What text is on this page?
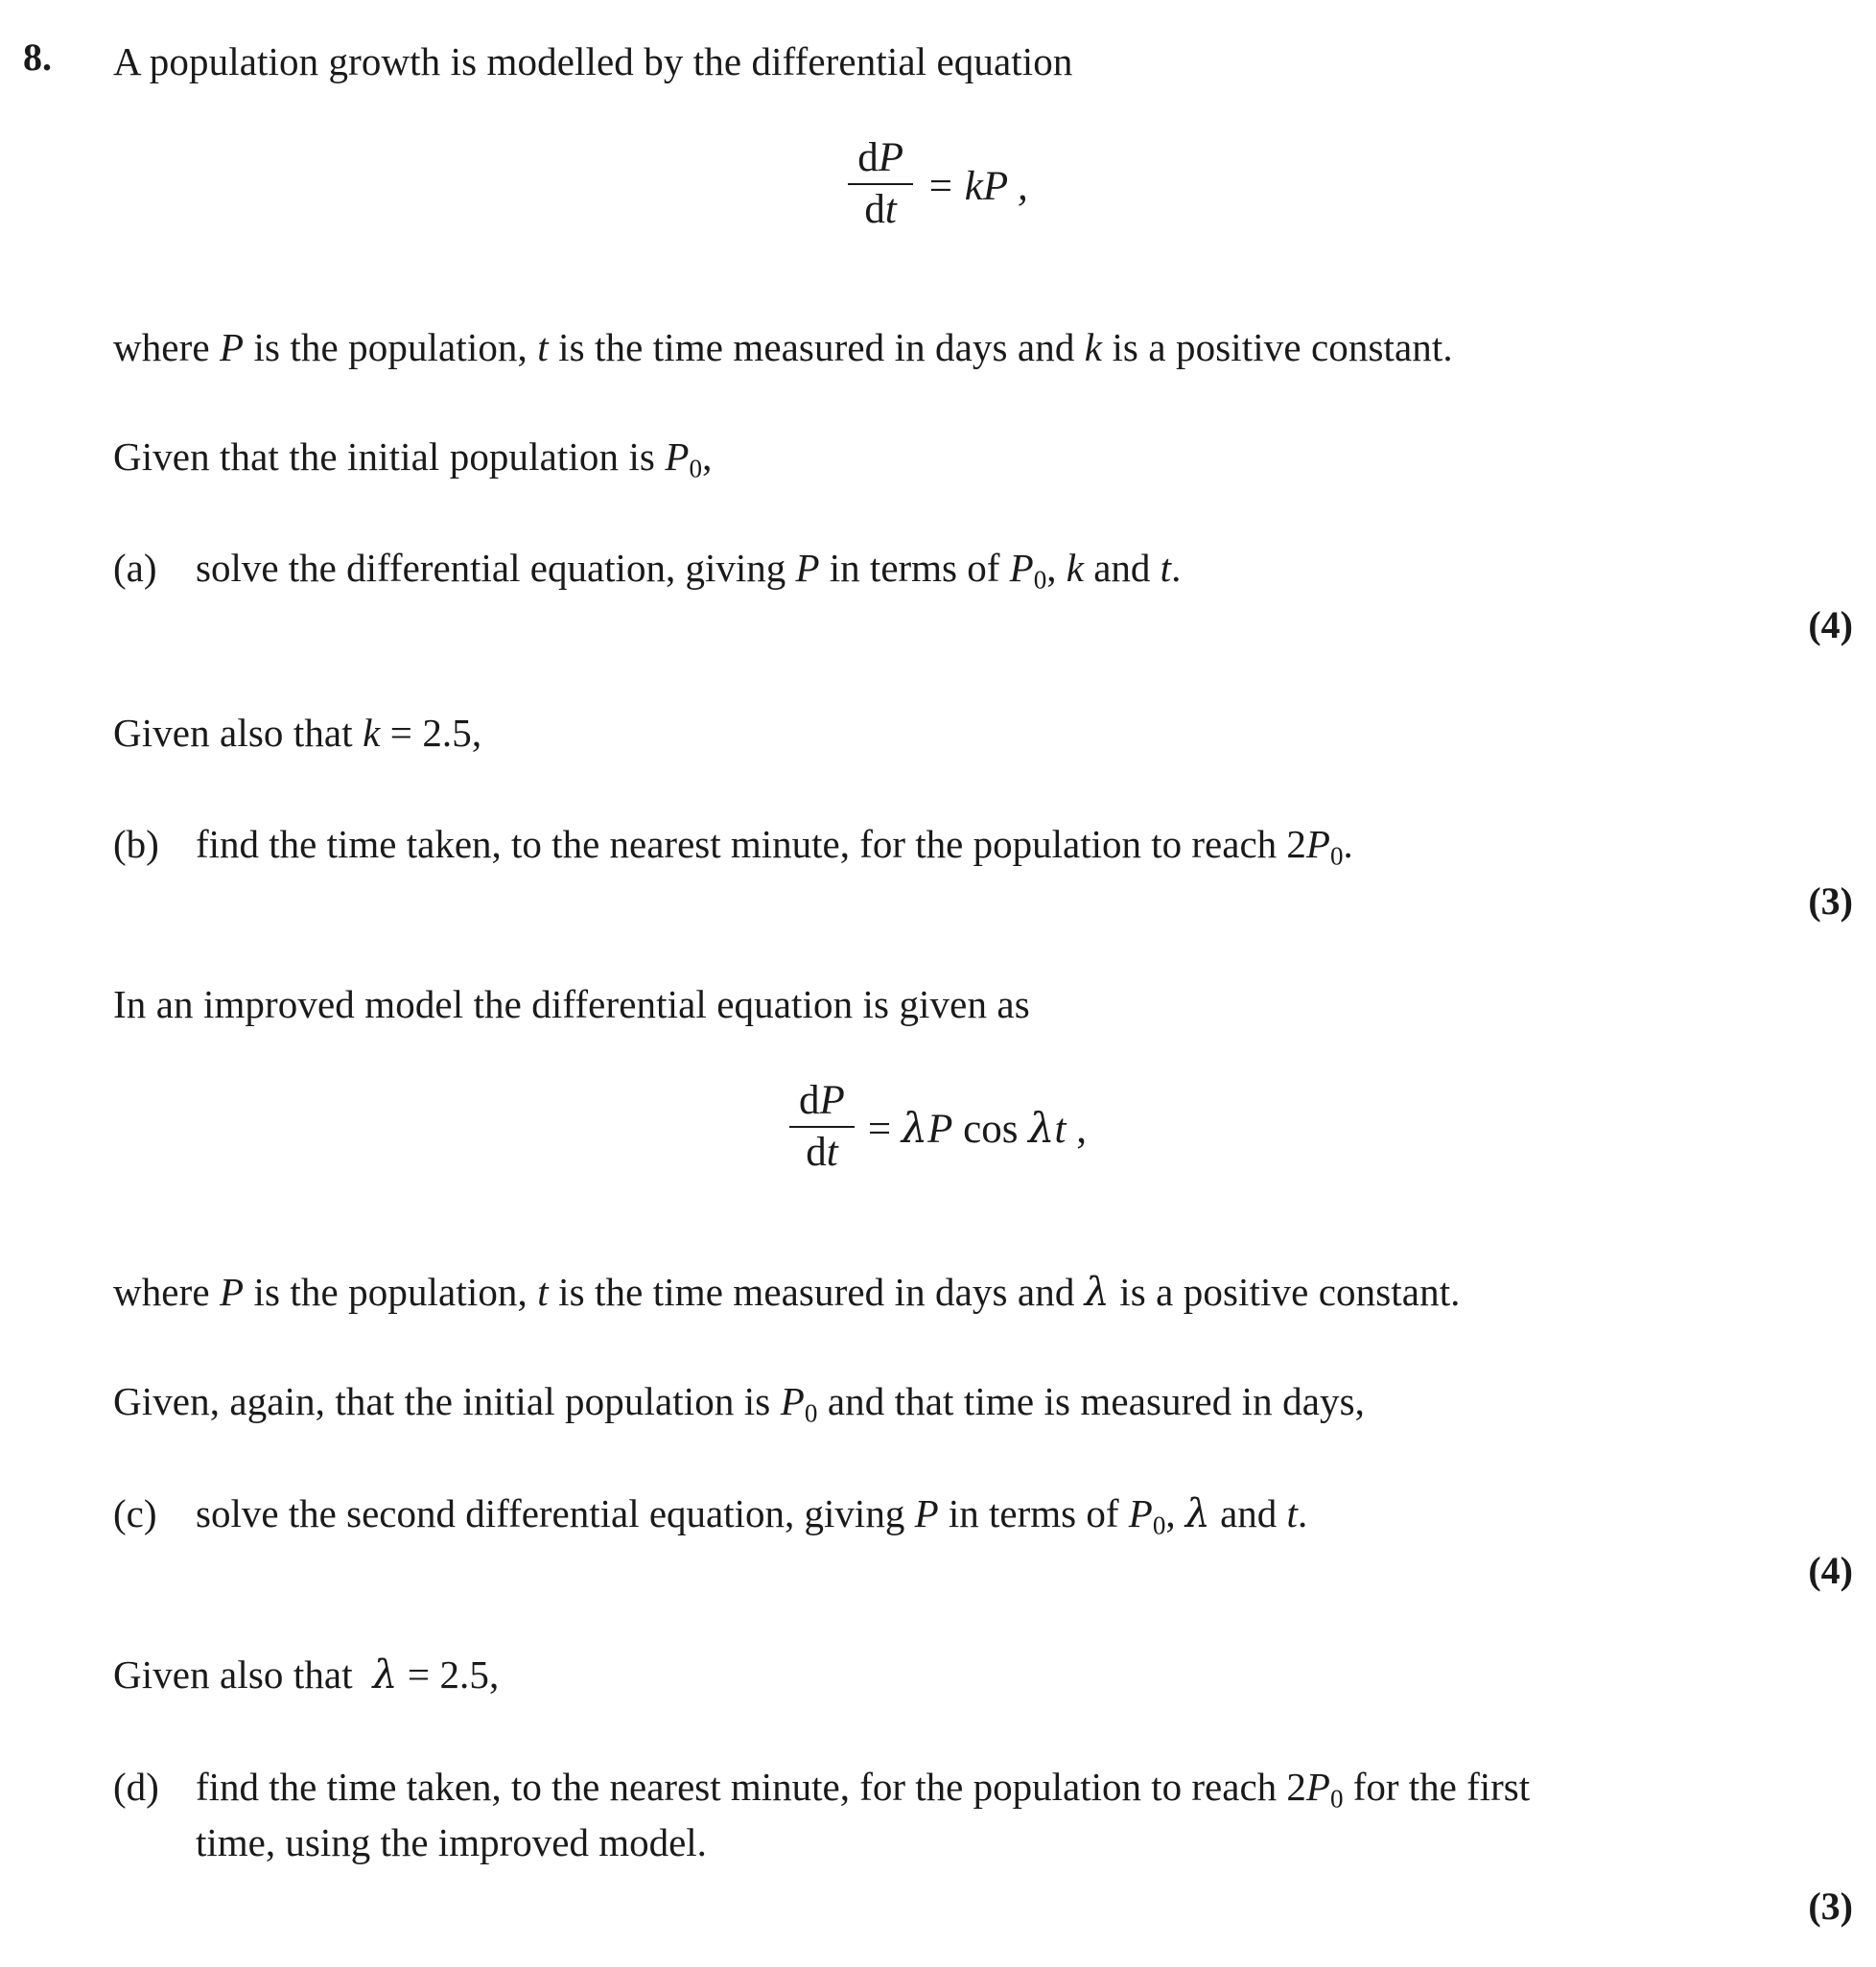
8. A population growth is modelled by the differential equation
$\frac{dP}{dt}$ = kP ,
where P is the population, t is the time measured in days and k is a positive constant.
Given that the initial population is $P_0$,
(a) solve the differential equation, giving P in terms of $P_0$, k and t.
(4)
Given also that k = 2.5,
(b) find the time taken, to the nearest minute, for the population to reach $2P_0$.
(3)
In an improved model the differential equation is given as
$\frac{dP}{dt} = \lambda P$ cos λt ,
where P is the population, t is the time measured in days and λ is a positive constant.
Given, again, that the initial population is $P_0$ and that time is measured in days,
(c) solve the second differential equation, giving P in terms of $P_0$, λ and t.
(4)
Given also that  λ = 2.5,
(d) find the time taken, to the nearest minute, for the population to reach $2P_0$ for the first
time, using the improved model.
(3)
